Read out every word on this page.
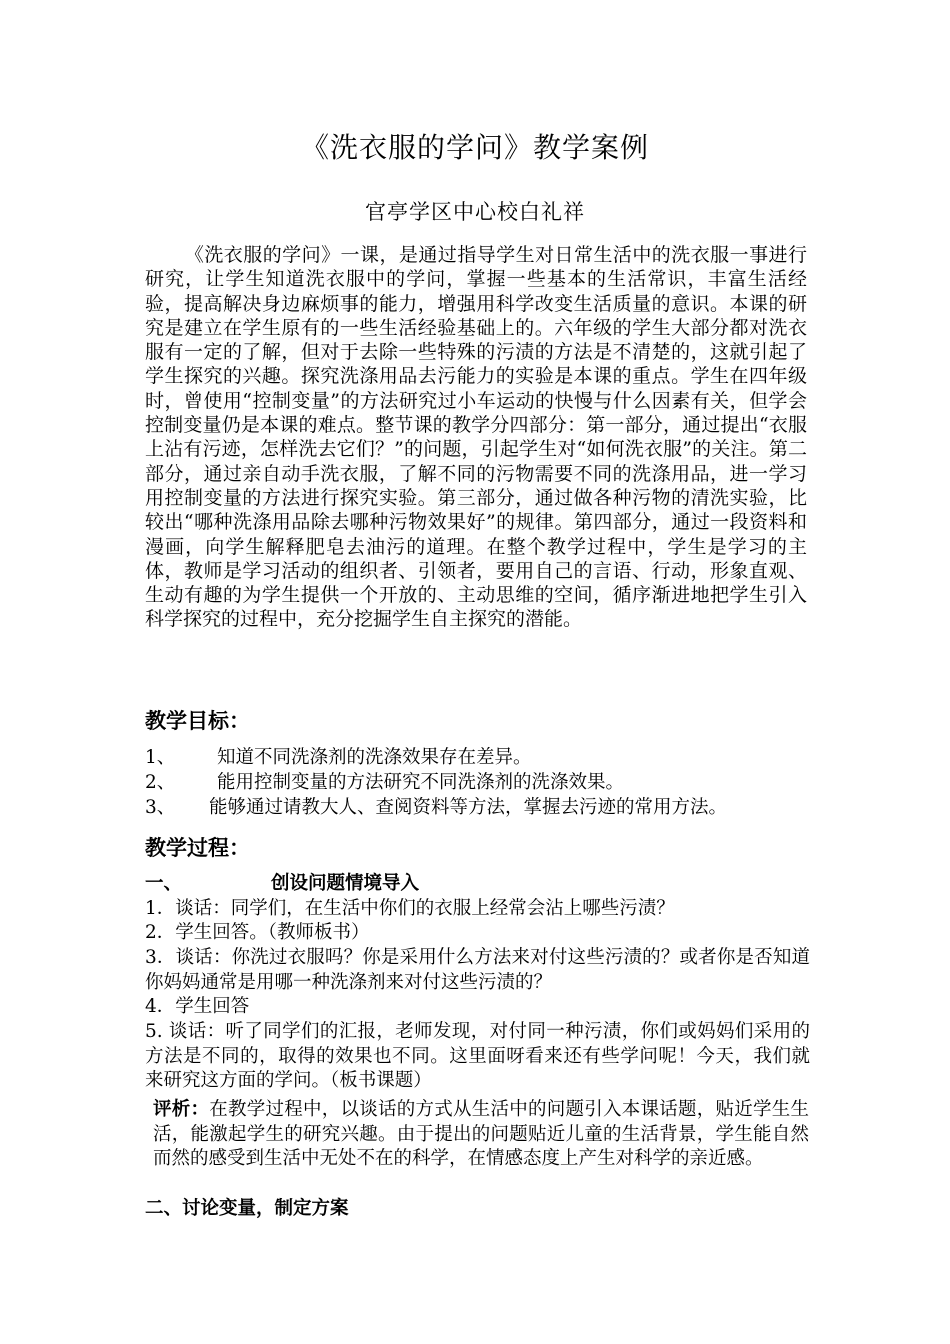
《洗衣服的学问》教学案例
官亭学区中心校白礼祥

《洗衣服的学问》一课，是通过指导学生对日常生活中的洗衣服一事进行研究，让学生知道洗衣服中的学问，掌握一些基本的生活常识，丰富生活经验，提高解决身边麻烦事的能力，增强用科学改变生活质量的意识。本课的研究是建立在学生原有的一些生活经验基础上的。六年级的学生大部分都对洗衣服有一定的了解，但对于去除一些特殊的污渍的方法是不清楚的，这就引起了学生探究的兴趣。探究洗涤用品去污能力的实验是本课的重点。学生在四年级时，曾使用“控制变量”的方法研究过小车运动的快慢与什么因素有关，但学会控制变量仍是本课的难点。整节课的教学分四部分：第一部分，通过提出“衣服上沾有污迹，怎样洗去它们？”的问题，引起学生对“如何洗衣服”的关注。第二部分，通过亲自动手洗衣服，了解不同的污物需要不同的洗涤用品，进一学习用控制变量的方法进行探究实验。第三部分，通过做各种污物的清洗实验，比较出“哪种洗涤用品除去哪种污物效果好”的规律。第四部分，通过一段资料和漫画，向学生解释肥皂去油污的道理。在整个教学过程中，学生是学习的主体，教师是学习活动的组织者、引领者，要用自己的言语、行动，形象直观、生动有趣的为学生提供一个开放的、主动思维的空间，循序渐进地把学生引入科学探究的过程中，充分挖掘学生自主探究的潜能。

教学目标：
1、 知道不同洗涤剂的洗涤效果存在差异。
2、 能用控制变量的方法研究不同洗涤剂的洗涤效果。
3、 能够通过请教大人、查阅资料等方法，掌握去污迹的常用方法。
教学过程：
一、	创设问题情境导入

1．谈话：同学们，在生活中你们的衣服上经常会沾上哪些污渍？

2．学生回答。（教师板书）

3．谈话：你洗过衣服吗？你是采用什么方法来对付这些污渍的？或者你是否知道你妈妈通常是用哪一种洗涤剂来对付这些污渍的？

4．学生回答

5. 谈话：听了同学们的汇报，老师发现，对付同一种污渍，你们或妈妈们采用的方法是不同的，取得的效果也不同。这里面呀看来还有些学问呢！今天，我们就来研究这方面的学问。（板书课题）

评析：在教学过程中，以谈话的方式从生活中的问题引入本课话题，贴近学生生活，能激起学生的研究兴趣。由于提出的问题贴近儿童的生活背景，学生能自然而然的感受到生活中无处不在的科学，在情感态度上产生对科学的亲近感。

二、讨论变量，制定方案
